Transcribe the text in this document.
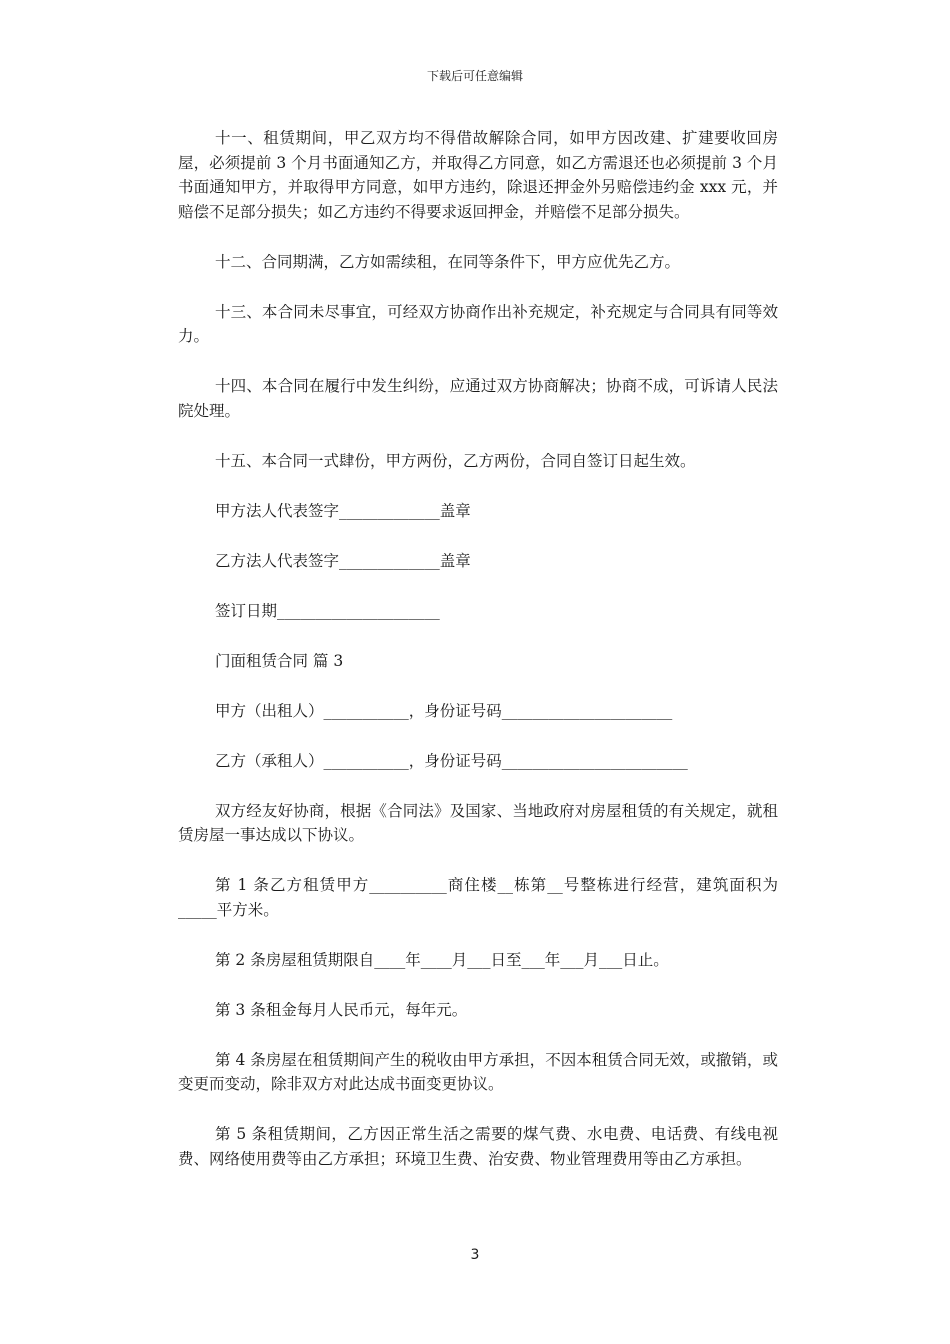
下载后可任意编辑

十一、租赁期间，甲乙双方均不得借故解除合同，如甲方因改建、扩建要收回房屋，必须提前 3 个月书面通知乙方，并取得乙方同意，如乙方需退还也必须提前 3 个月书面通知甲方，并取得甲方同意，如甲方违约，除退还押金外另赔偿违约金 xxx 元，并赔偿不足部分损失；如乙方违约不得要求返回押金，并赔偿不足部分损失。

十二、合同期满，乙方如需续租，在同等条件下，甲方应优先乙方。

十三、本合同未尽事宜，可经双方协商作出补充规定，补充规定与合同具有同等效力。

十四、本合同在履行中发生纠纷，应通过双方协商解决；协商不成，可诉请人民法院处理。

十五、本合同一式肆份，甲方两份，乙方两份，合同自签订日起生效。

甲方法人代表签字_____________盖章

乙方法人代表签字_____________盖章

签订日期_____________________

门面租赁合同 篇 3

甲方（出租人）___________，身份证号码______________________

乙方（承租人）___________，身份证号码________________________

双方经友好协商，根据《合同法》及国家、当地政府对房屋租赁的有关规定，就租赁房屋一事达成以下协议。

第 1 条乙方租赁甲方__________商住楼__栋第__号整栋进行经营，建筑面积为_____平方米。

第 2 条房屋租赁期限自____年____月___日至___年___月___日止。

第 3 条租金每月人民币元，每年元。

第 4 条房屋在租赁期间产生的税收由甲方承担，不因本租赁合同无效，或撤销，或变更而变动，除非双方对此达成书面变更协议。

第 5 条租赁期间，乙方因正常生活之需要的煤气费、水电费、电话费、有线电视费、网络使用费等由乙方承担；环境卫生费、治安费、物业管理费用等由乙方承担。

3
